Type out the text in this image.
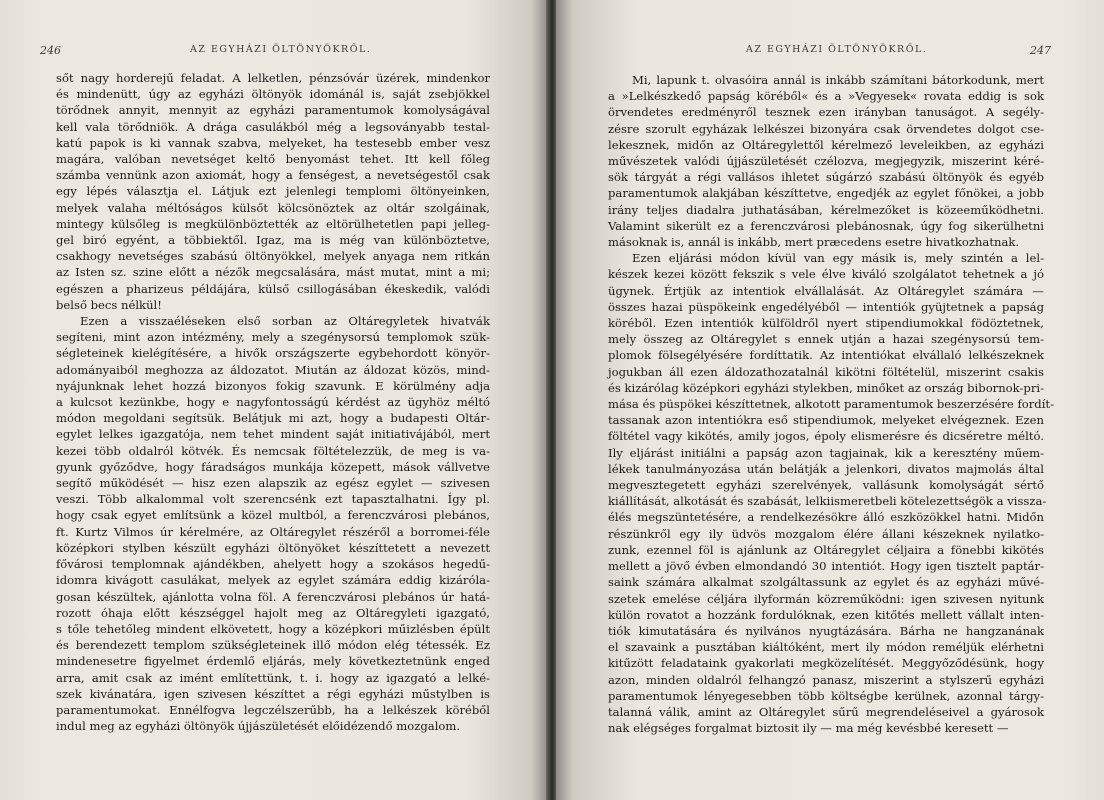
246	AZ EGYHÁZI ÖLTÖNYÖKRŐL.
sőt nagy horderejű feladat. A lelketlen, pénzsóvár üzérek, mindenkor
és mindenütt, úgy az egyházi öltönyök idománál is, saját zsebjökkel
törődnek annyit, mennyit az egyházi paramentumok komolyságával
kell vala törődniök. A drága casulákból még a legsoványabb testal-
katú papok is ki vannak szabva, melyeket, ha testesebb ember vesz
magára, valóban nevetséget keltő benyomást tehet. Itt kell főleg
számba vennünk azon axiomát, hogy a fenségest, a nevetségestől csak
egy lépés választja el. Látjuk ezt jelenlegi templomi öltönyeinken,
melyek valaha méltóságos külsőt kölcsönöztek az oltár szolgáinak,
mintegy külsőleg is megkülönböztették az eltörülhetetlen papi jelleg-
gel biró egyént, a többiektől. Igaz, ma is még van különböztetve,
csakhogy nevetséges szabású öltönyökkel, melyek anyaga nem ritkán
az Isten sz. szine előtt a nézők megcsalására, mást mutat, mint a mi;
egészen a pharizeus példájára, külső csillogásában ékeskedik, valódi
belső becs nélkül!
Ezen a visszaéléseken első sorban az Oltáregyletek hivatvák
segíteni, mint azon intézmény, mely a szegénysorsú templomok szük-
ségleteinek kielégítésére, a hivők országszerte egybehordott könyör-
adományaiból meghozza az áldozatot. Miután az áldozat közös, mind-
nyájunknak lehet hozzá bizonyos fokig szavunk. E körülmény adja
a kulcsot kezünkbe, hogy e nagyfontosságú kérdést az ügyhöz méltó
módon megoldani segítsük. Belátjuk mi azt, hogy a budapesti Oltár-
egylet lelkes igazgatója, nem tehet mindent saját initiativájából, mert
kezei több oldalról kötvék. És nemcsak föltételezzük, de meg is va-
gyunk győződve, hogy fáradságos munkája közepett, mások vállvetve
segítő működését — hisz ezen alapszik az egész egylet — szivesen
veszi. Több alkalommal volt szerencsénk ezt tapasztalhatni. Így pl.
hogy csak egyet említsünk a közel multból, a ferenczvárosi plebános,
ft. Kurtz Vilmos úr kérelmére, az Oltáregylet részéről a borromei-féle
középkori stylben készült egyházi öltönyöket készíttetett a nevezett
fővárosi templomnak ajándékben, ahelyett hogy a szokásos hegedű-
idomra kivágott casulákat, melyek az egylet számára eddig kizáróla-
gosan készültek, ajánlotta volna föl. A ferenczvárosi plebános úr hatá-
rozott óhaja előtt készséggel hajolt meg az Oltáregyleti igazgató,
s tőle tehetőleg mindent elkövetett, hogy a középkori műizlésben épült
és berendezett templom szükségleteinek illő módon elég tétessék. Ez
mindenesetre figyelmet érdemlő eljárás, mely következtetnünk enged
arra, amit csak az imént említettünk, t. i. hogy az igazgató a lelké-
szek kivánatára, igen szivesen készíttet a régi egyházi műstylben is
paramentumokat. Ennélfogva legczélszerűbb, ha a lelkészek köréből
indul meg az egyházi öltönyök újjászületését előidézendő mozgalom.
AZ EGYHÁZI ÖLTÖNYÖKRŐL.	247
Mi, lapunk t. olvasóira annál is inkább számítani bátorkodunk, mert
a »Lelkészkedő papság köréből« és a »Vegyesek« rovata eddig is sok
örvendetes eredményről tesznek ezen irányban tanuságot. A segély-
zésre szorult egyházak lelkészei bizonyára csak örvendetes dolgot cse-
lekesznek, midőn az Oltáregylettől kérelmező leveleikben, az egyházi
művészetek valódi újjászületését czélozva, megjegyzik, miszerint kéré-
sök tárgyát a régi vallásos ihletet súgárzó szabású öltönyök és egyéb
paramentumok alakjában készíttetve, engedjék az egylet főnökei, a jobb
irány teljes diadalra juthatásában, kérelmezőket is közeeműködhetni.
Valamint sikerült ez a ferenczvárosi plebánosnak, úgy fog sikerülhetni
másoknak is, annál is inkább, mert præcedens esetre hivatkozhatnak.
Ezen eljárási módon kívül van egy másik is, mely szintén a lel-
készek kezei között fekszik s vele élve kiváló szolgálatot tehetnek a jó
ügynek. Értjük az intentiok elvállalását. Az Oltáregylet számára —
összes hazai püspökeink engedélyéből — intentiók gyüjtetnek a papság
köréből. Ezen intentiók külföldről nyert stipendiumokkal födöztetnek,
mely összeg az Oltáregylet s ennek utján a hazai szegénysorsú tem-
plomok fölsegélyésére fordíttatik. Az intentiókat elvállaló lelkészeknek
jogukban áll ezen áldozathozatalnál kikötni föltételül, miszerint csakis
és kizárólag középkori egyházi stylekben, minőket az ország bibornok-pri-
mása és püspökei készíttetnek, alkotott paramentumok beszerzésére fordít-
tassanak azon intentiókra eső stipendiumok, melyeket elvégeznek. Ezen
föltétel vagy kikötés, amily jogos, époly elismerésre és dicséretre méltó.
Ily eljárást initiálni a papság azon tagjainak, kik a keresztény műem-
lékek tanulmányozása után belátják a jelenkori, divatos majmolás által
megvesztegetett egyházi szerelvények, vallásunk komolyságát sértő
kiállítását, alkotását és szabását, lelkiismeretbeli kötelezettségök a vissza-
élés megszüntetésére, a rendelkezésökre álló eszközökkel hatni. Midőn
részünkről egy ily üdvös mozgalom élére állani készeknek nyilatko-
zunk, ezennel föl is ajánlunk az Oltáregylet céljaira a fönebbi kikötés
mellett a jövő évben elmondandó 30 intentiót. Hogy igen tisztelt paptár-
saink számára alkalmat szolgáltassunk az egylet és az egyházi művé-
szetek emelése céljára ilyformán közreműködni: igen szivesen nyitunk
külön rovatot a hozzánk fordulóknak, ezen kitőtés mellett vállalt inten-
tiók kimutatására és nyilvános nyugtázására. Bárha ne hangzanának
el szavaink a pusztában kiáltóként, mert ily módon reméljük elérhetni
kitűzött feladataink gyakorlati megközelítését. Meggyőződésünk, hogy
azon, minden oldalról felhangzó panasz, miszerint a stylszerű egyházi
paramentumok lényegesebben több költségbe kerülnek, azonnal tárgy-
talanná válik, amint az Oltáregylet sűrű megrendeléseivel a gyárosok
nak elégséges forgalmat biztosit ily — ma még kevésbbé keresett —
